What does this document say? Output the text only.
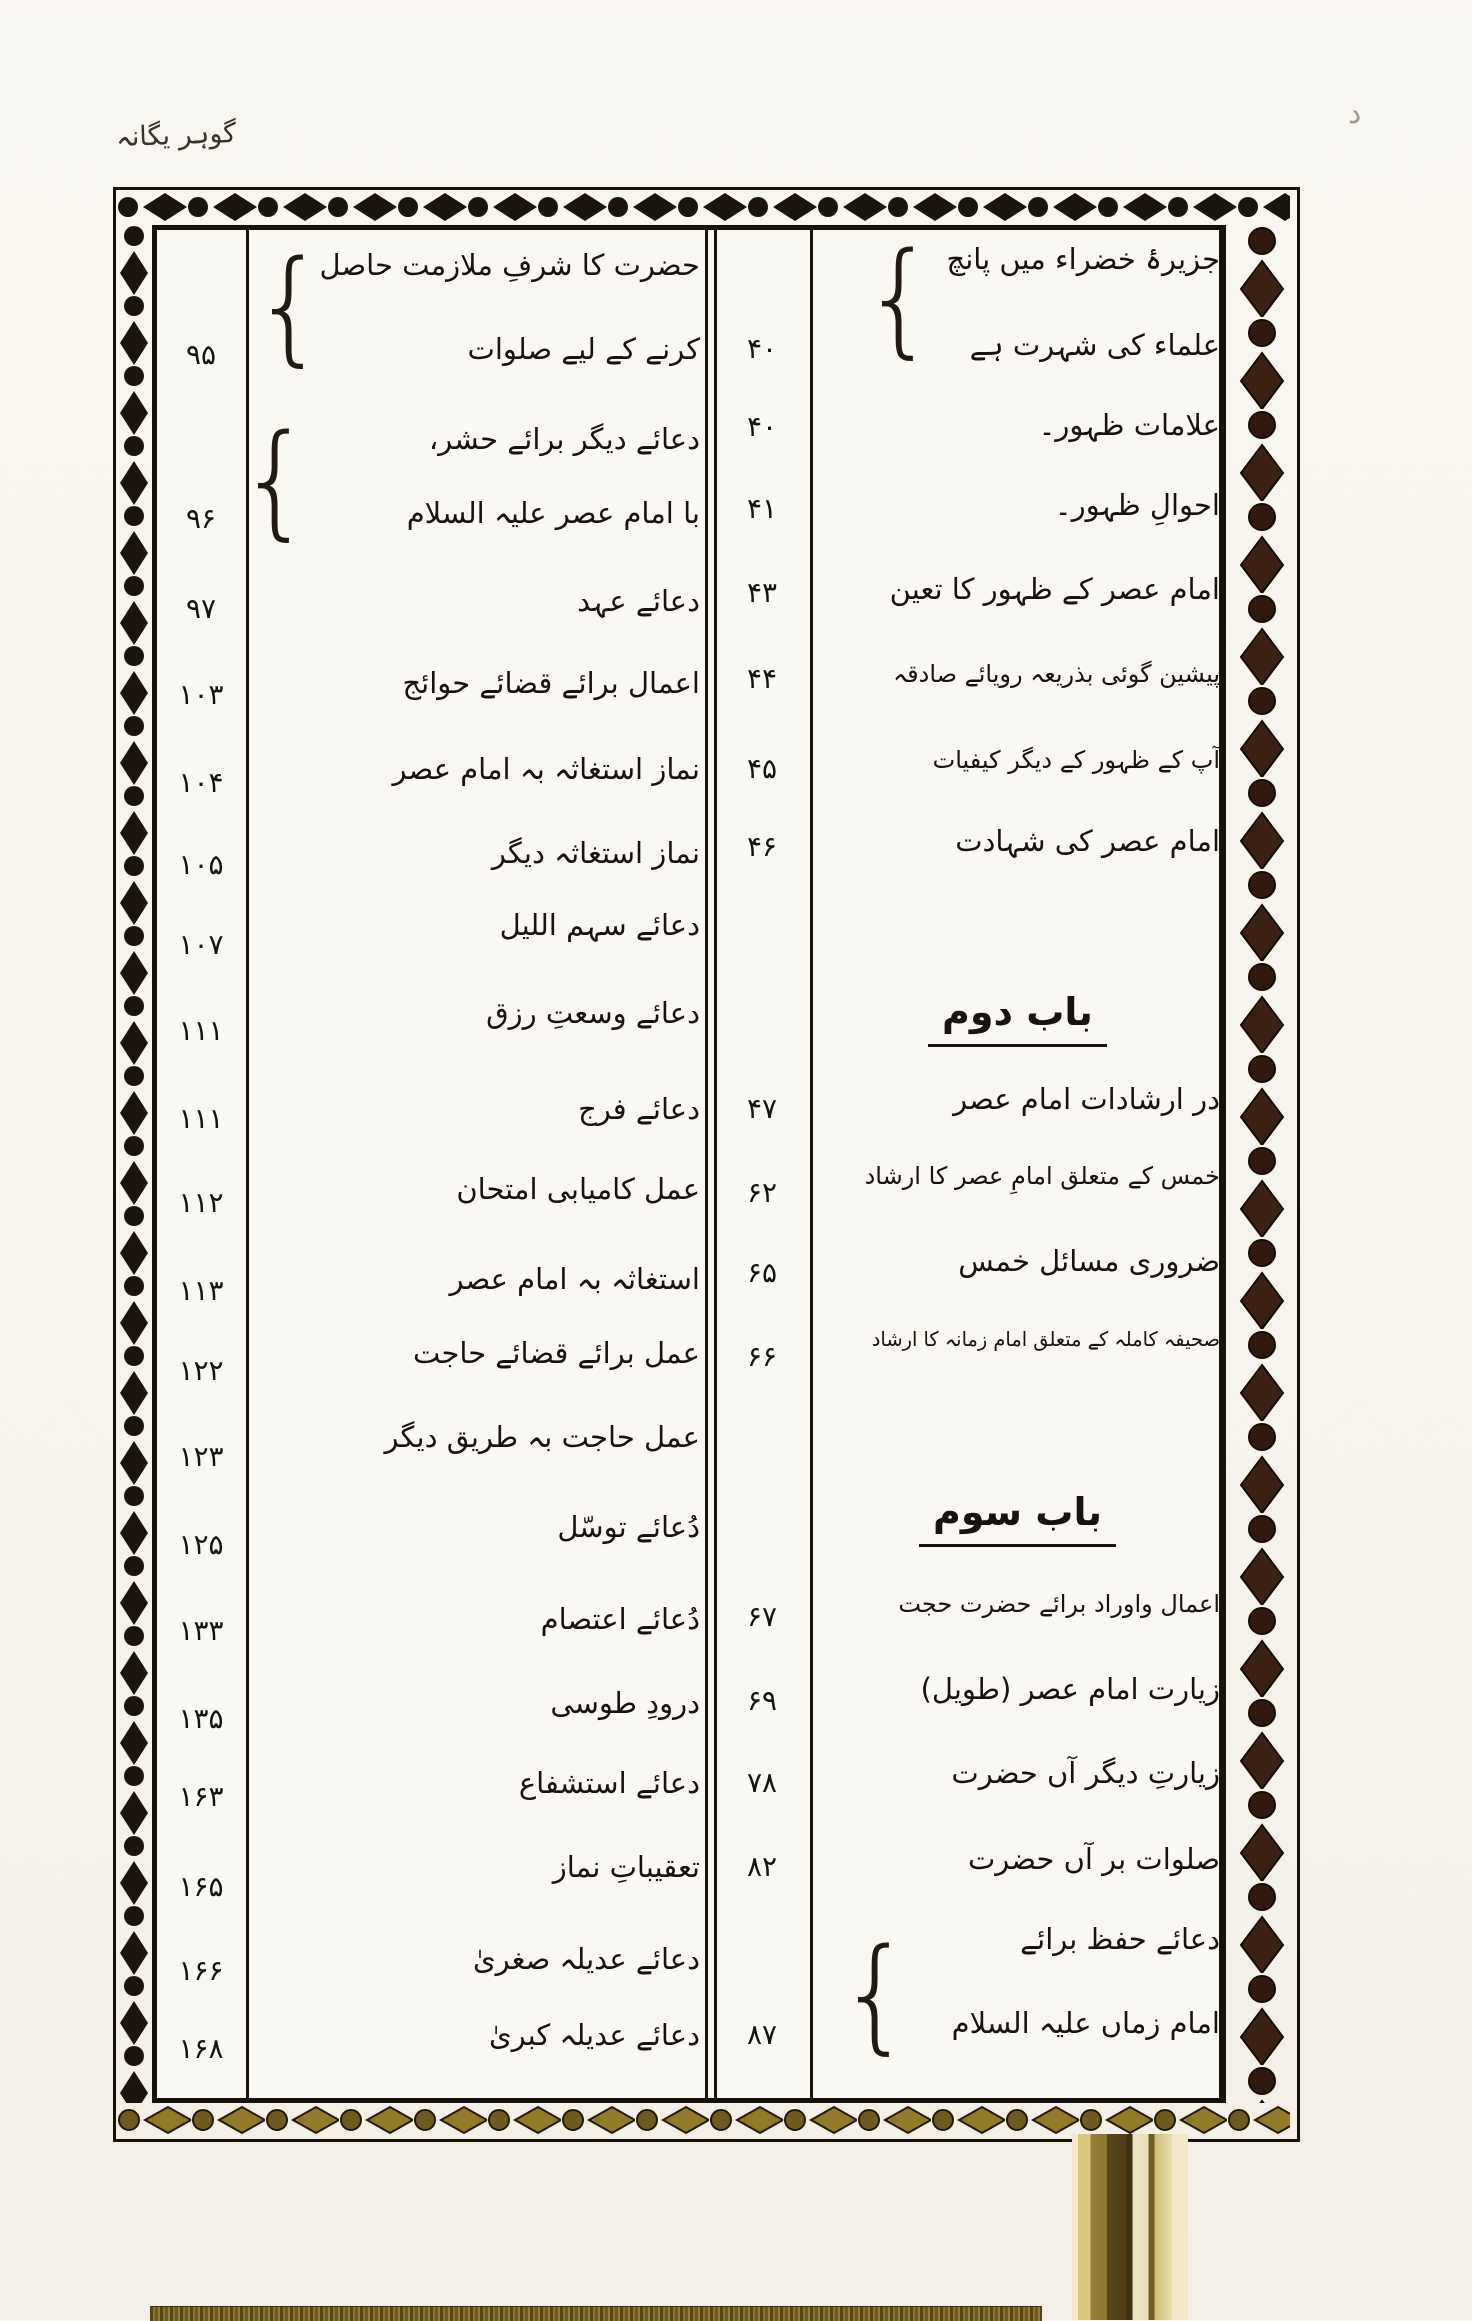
گوہر یگانہ
د
جزیرۂ خضراء میں پانچ
علماء کی شہرت ہے
{
۴۰
علامات ظہور۔
۴۰
احوالِ ظہور۔
۴۱
امام عصر کے ظہور کا تعین
۴۳
پیشین گوئی بذریعہ رویائے صادقہ
۴۴
آپ کے ظہور کے دیگر کیفیات
۴۵
امام عصر کی شہادت
۴۶
باب دوم
در ارشادات امام عصر
۴۷
خمس کے متعلق امامِ عصر کا ارشاد
۶۲
ضروری مسائل خمس
۶۵
صحیفہ کاملہ کے متعلق امام زمانہ کا ارشاد
۶۶
باب سوم
اعمال واوراد برائے حضرت حجت
۶۷
زیارت امام عصر (طویل)
۶۹
زیارتِ دیگر آں حضرت
۷۸
صلوات بر آں حضرت
۸۲
دعائے حفظ برائے
امام زماں علیہ السلام
{
۸۷
حضرت کا شرفِ ملازمت حاصل
کرنے کے لیے صلوات
{
۹۵
دعائے دیگر برائے حشر،
با امام عصر علیہ السلام
{
۹۶
دعائے عہد
۹۷
اعمال برائے قضائے حوائج
۱۰۳
نماز استغاثہ بہ امام عصر
۱۰۴
نماز استغاثہ دیگر
۱۰۵
دعائے سہم اللیل
۱۰۷
دعائے وسعتِ رزق
۱۱۱
دعائے فرج
۱۱۱
عمل کامیابی امتحان
۱۱۲
استغاثہ بہ امام عصر
۱۱۳
عمل برائے قضائے حاجت
۱۲۲
عمل حاجت بہ طریق دیگر
۱۲۳
دُعائے توسّل
۱۲۵
دُعائے اعتصام
۱۳۳
درودِ طوسی
۱۳۵
دعائے استشفاع
۱۶۳
تعقیباتِ نماز
۱۶۵
دعائے عدیلہ صغریٰ
۱۶۶
دعائے عدیلہ کبریٰ
۱۶۸
